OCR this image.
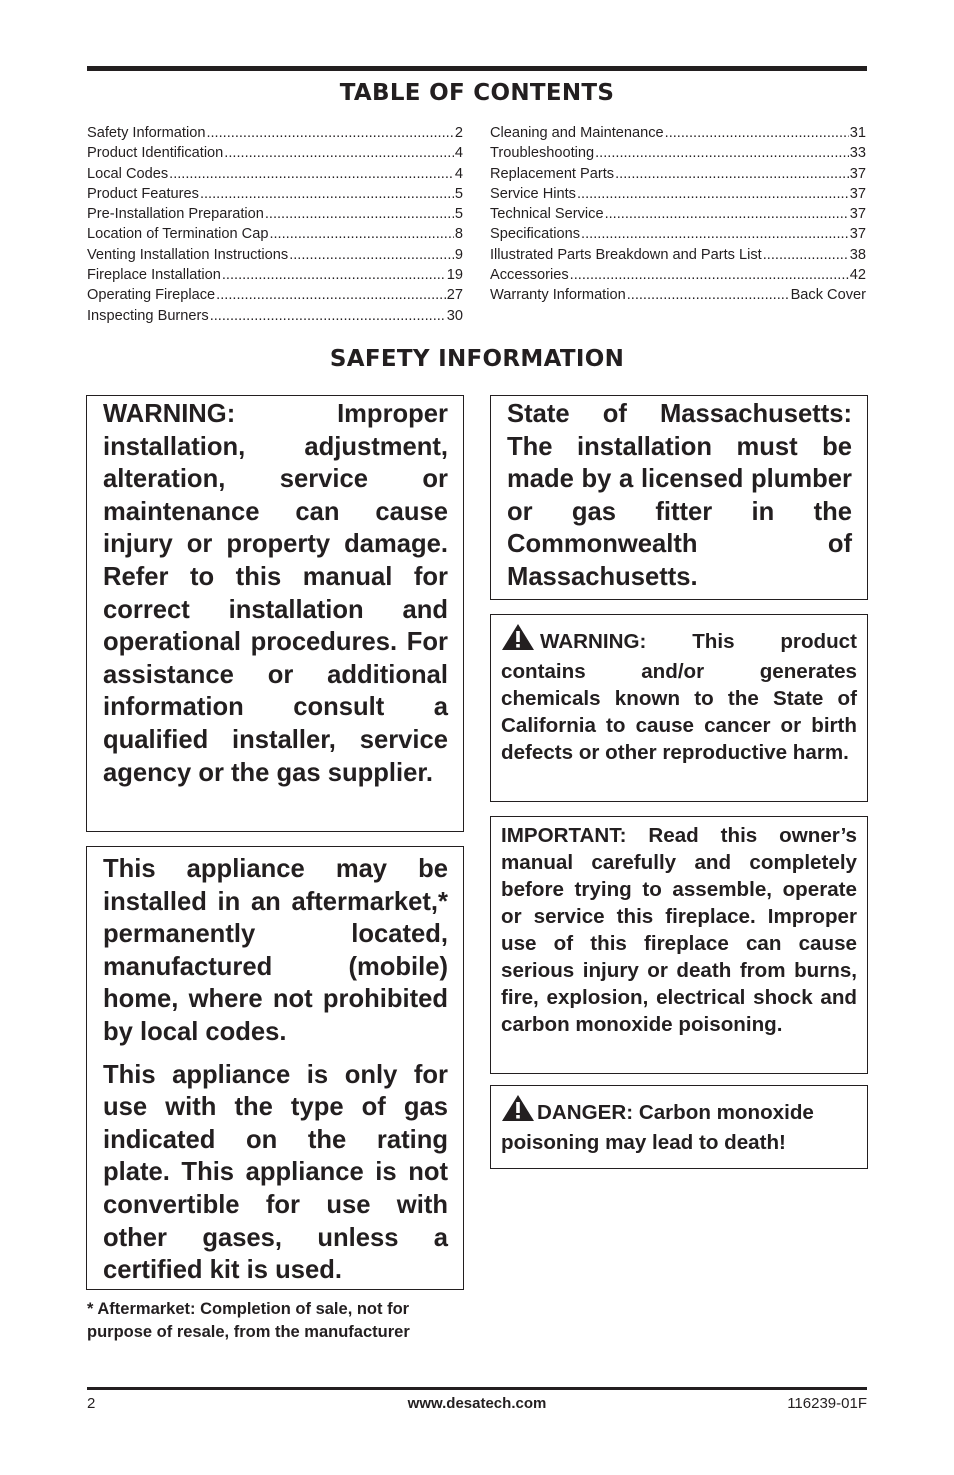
TABLE OF CONTENTS
Safety Information .....	2
Product Identification .....	4
Local Codes .....	4
Product Features .....	5
Pre-Installation Preparation .....	5
Location of Termination Cap .....	8
Venting Installation Instructions .....	9
Fireplace Installation .....	19
Operating Fireplace .....	27
Inspecting Burners .....	30
Cleaning and Maintenance .....	31
Troubleshooting .....	33
Replacement Parts .....	37
Service Hints .....	37
Technical Service .....	37
Specifications .....	37
Illustrated Parts Breakdown and Parts List .....	38
Accessories .....	42
Warranty Information .....	Back Cover
SAFETY INFORMATION

WARNING: Improper installation, adjustment, alteration, service or maintenance can cause injury or property damage. Refer to this manual for correct installation and operational procedures. For assistance or additional information consult a qualified installer, service agency or the gas supplier.

This appliance may be installed in an aftermarket,* permanently located, manufactured (mobile) home, where not prohibited by local codes.

This appliance is only for use with the type of gas indicated on the rating plate. This appliance is not convertible for use with other gases, unless a certified kit is used.

* Aftermarket: Completion of sale, not for purpose of resale, from the manufacturer

State of Massachusetts: The installation must be made by a licensed plumber or gas fitter in the Commonwealth of Massachusetts.

WARNING: This product contains and/or generates chemicals known to the State of California to cause cancer or birth defects or other reproductive harm.

IMPORTANT: Read this owner’s manual carefully and completely before trying to assemble, operate or service this fireplace. Improper use of this fireplace can cause serious injury or death from burns, fire, explosion, electrical shock and carbon monoxide poisoning.

DANGER: Carbon monoxide poisoning may lead to death!

2	www.desatech.com	116239-01F
